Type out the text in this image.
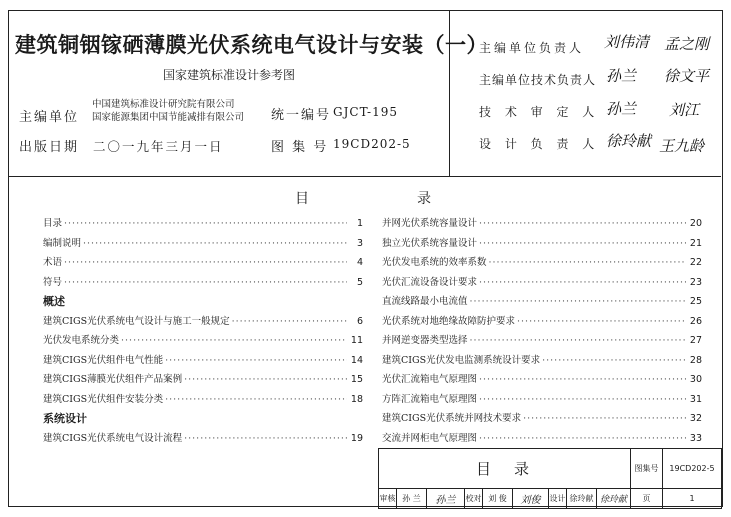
建筑铜铟镓硒薄膜光伏系统电气设计与安装（一）
国家建筑标准设计参考图
主编单位
中国建筑标准设计研究院有限公司
国家能源集团中国节能减排有限公司 统一编号 GJCT-195
出版日期 二〇一九年三月一日	图 集 号 19CD202-5
主编单位负责人 刘伟清 孟之刚
主编单位技术负责人 孙兰 徐文平
技 术 审 定 人 孙兰 刘江
设 计 负 责 人 徐玲献 王九龄
目	录
目录 ·····	1
编制说明 ·····	3
术语 ·····	4
符号 ·····	5
概述
建筑CIGS光伏系统电气设计与施工一般规定 ·····	6
光伏发电系统分类 ·····	11
建筑CIGS光伏组件电气性能 ·····	14
建筑CIGS薄膜光伏组件产品案例 ·····	15
建筑CIGS光伏组件安装分类 ·····	18
系统设计
建筑CIGS光伏系统电气设计流程 ·····	19
并网光伏系统容量设计 ·····	20
独立光伏系统容量设计 ·····	21
光伏发电系统的效率系数 ·····	22
光伏汇流设备设计要求 ·····	23
直流线路最小电流值 ·····	25
光伏系统对地绝缘故障防护要求 ·····	26
并网逆变器类型选择 ·····	27
建筑CIGS光伏发电监测系统设计要求 ·····	28
光伏汇流箱电气原理图 ·····	30
方阵汇流箱电气原理图 ·····	31
建筑CIGS光伏系统并网技术要求 ·····	32
交流并网柜电气原理图 ·····	33
目　录	图集号	19CD202-5
审核 孙 兰	孙兰	校对 刘 俊	刘俊	设计 徐玲献 徐玲献	页	1
